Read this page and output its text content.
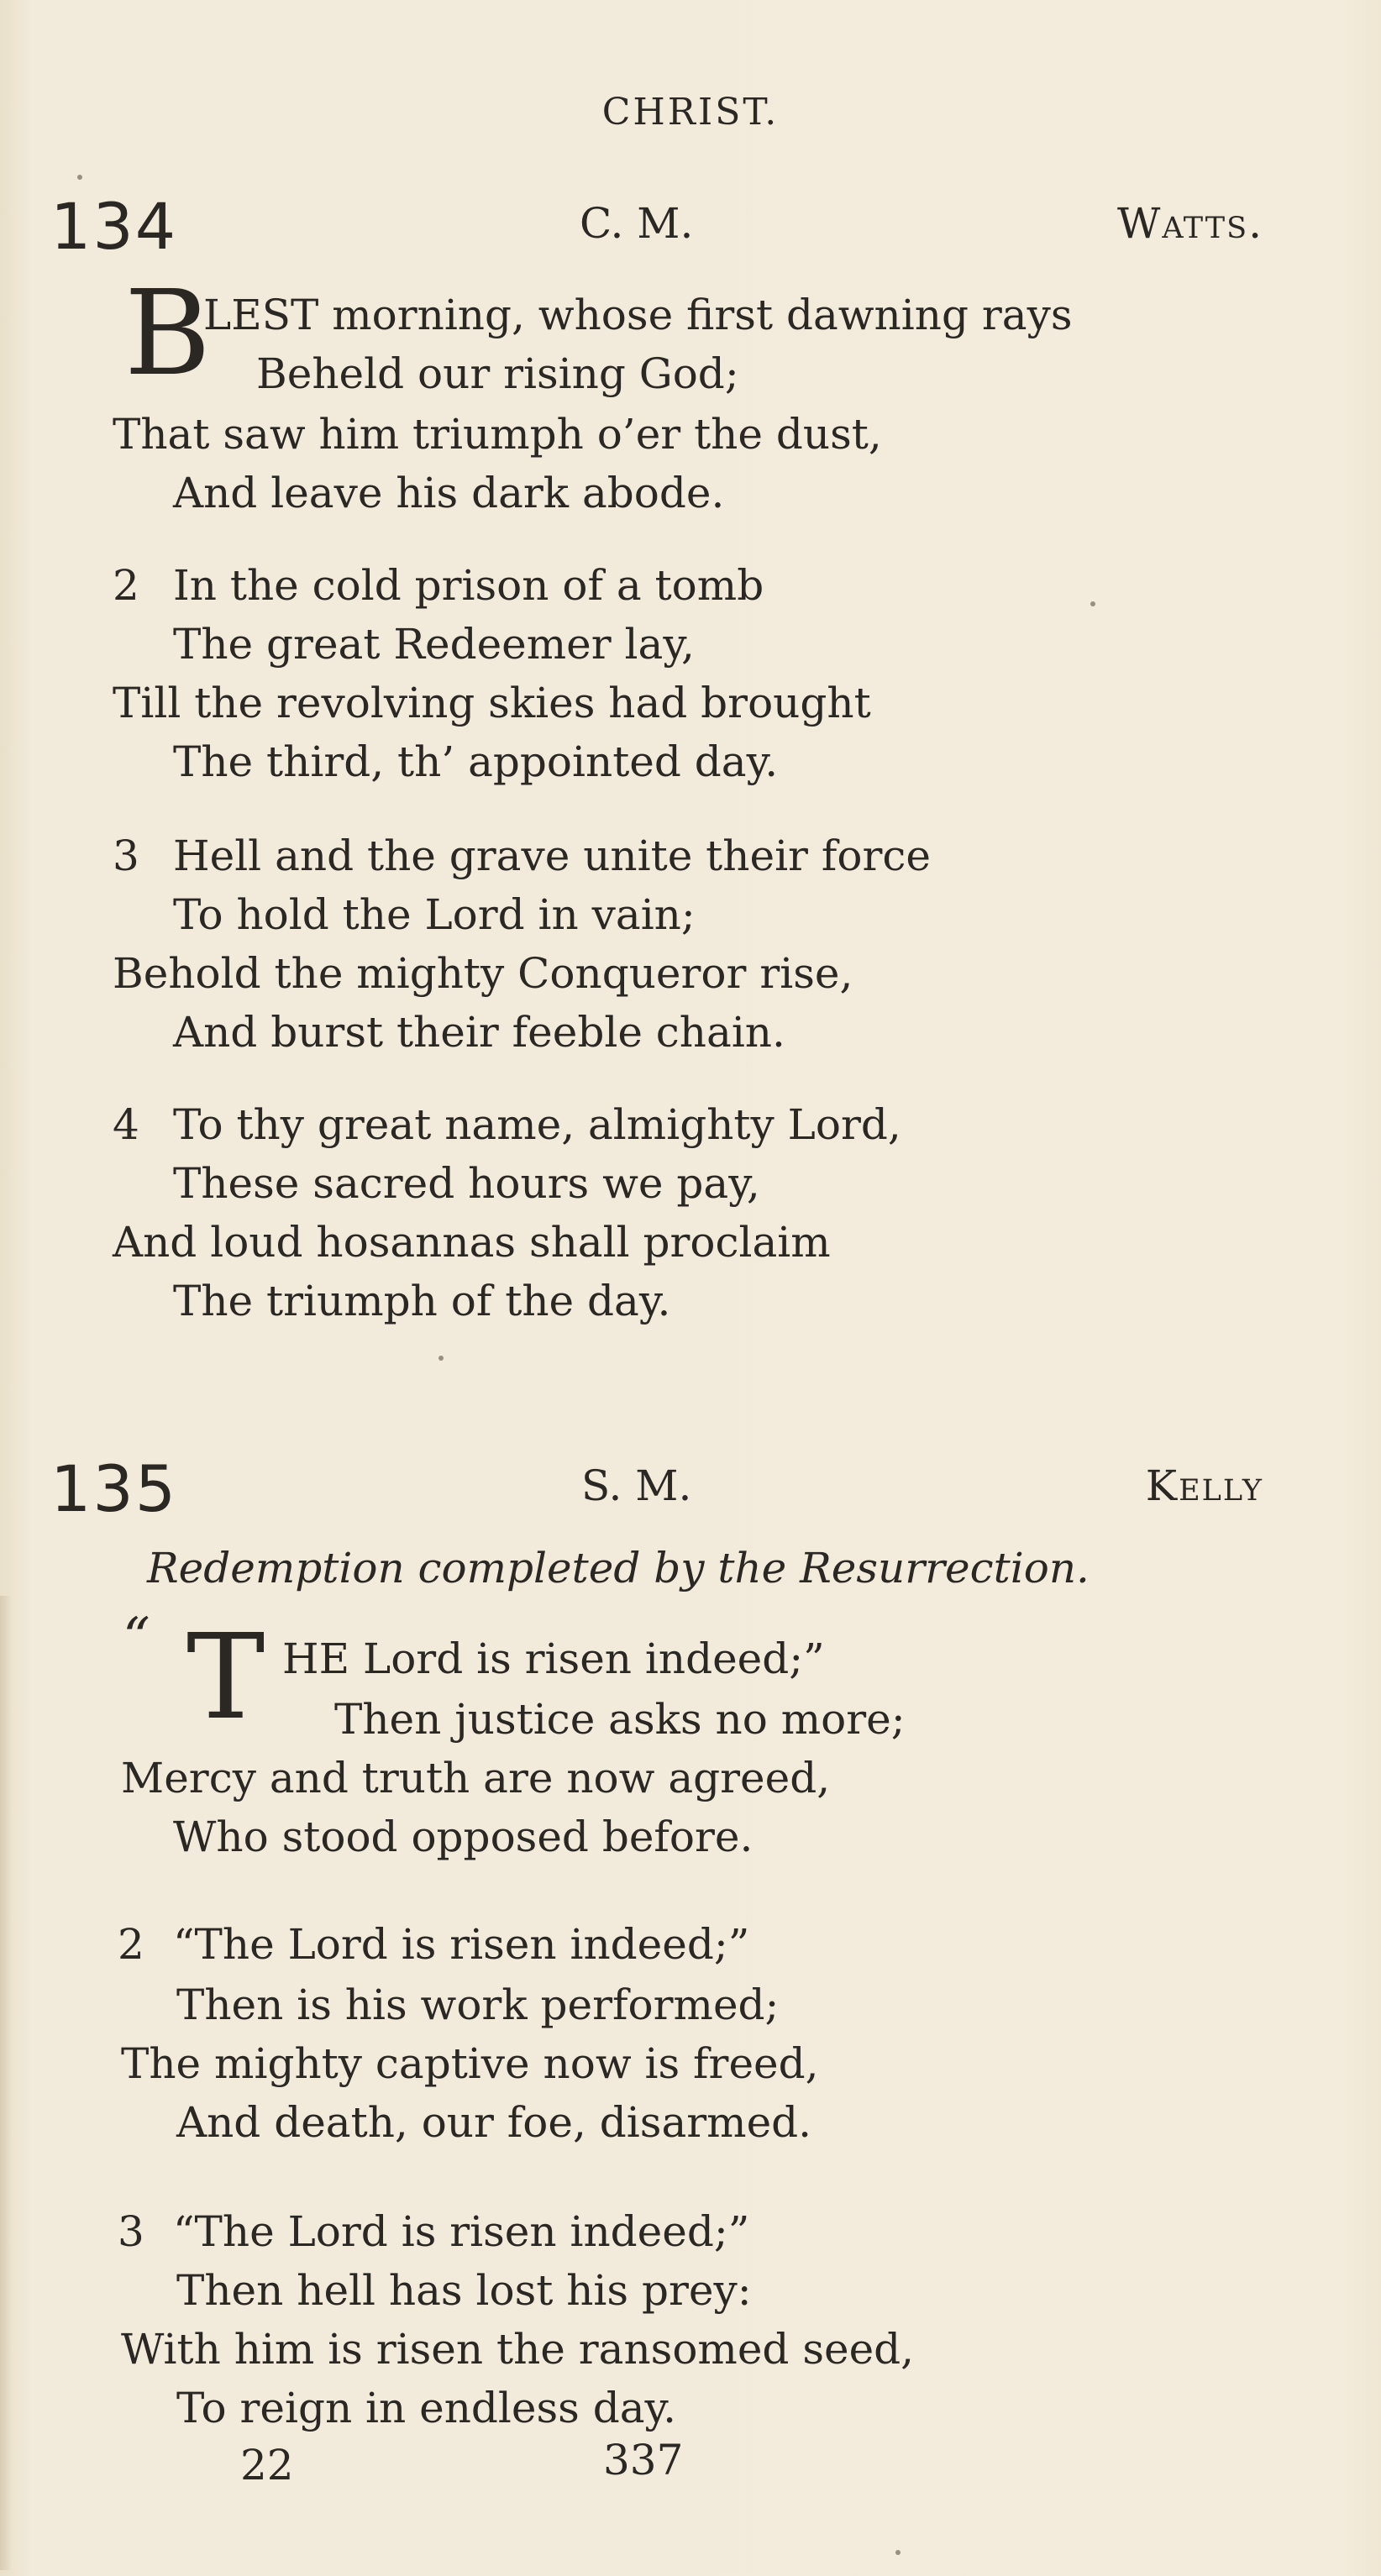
CHRIST.
134	C. M.	Watts.
B
LEST morning, whose first dawning rays
Beheld our rising God;
That saw him triumph o’er the dust,
And leave his dark abode.
2 In the cold prison of a tomb
The great Redeemer lay,
Till the revolving skies had brought
The third, th’ appointed day.
3 Hell and the grave unite their force
To hold the Lord in vain;
Behold the mighty Conqueror rise,
And burst their feeble chain.
4 To thy great name, almighty Lord,
These sacred hours we pay,
And loud hosannas shall proclaim
The triumph of the day.
135	S. M.	Kelly
Redemption completed by the Resurrection.
“ T HE Lord is risen indeed;”
Then justice asks no more;
Mercy and truth are now agreed,
Who stood opposed before.
2 “The Lord is risen indeed;”
Then is his work performed;
The mighty captive now is freed,
And death, our foe, disarmed.
3 “The Lord is risen indeed;”
Then hell has lost his prey:
With him is risen the ransomed seed,
To reign in endless day.
22	337
